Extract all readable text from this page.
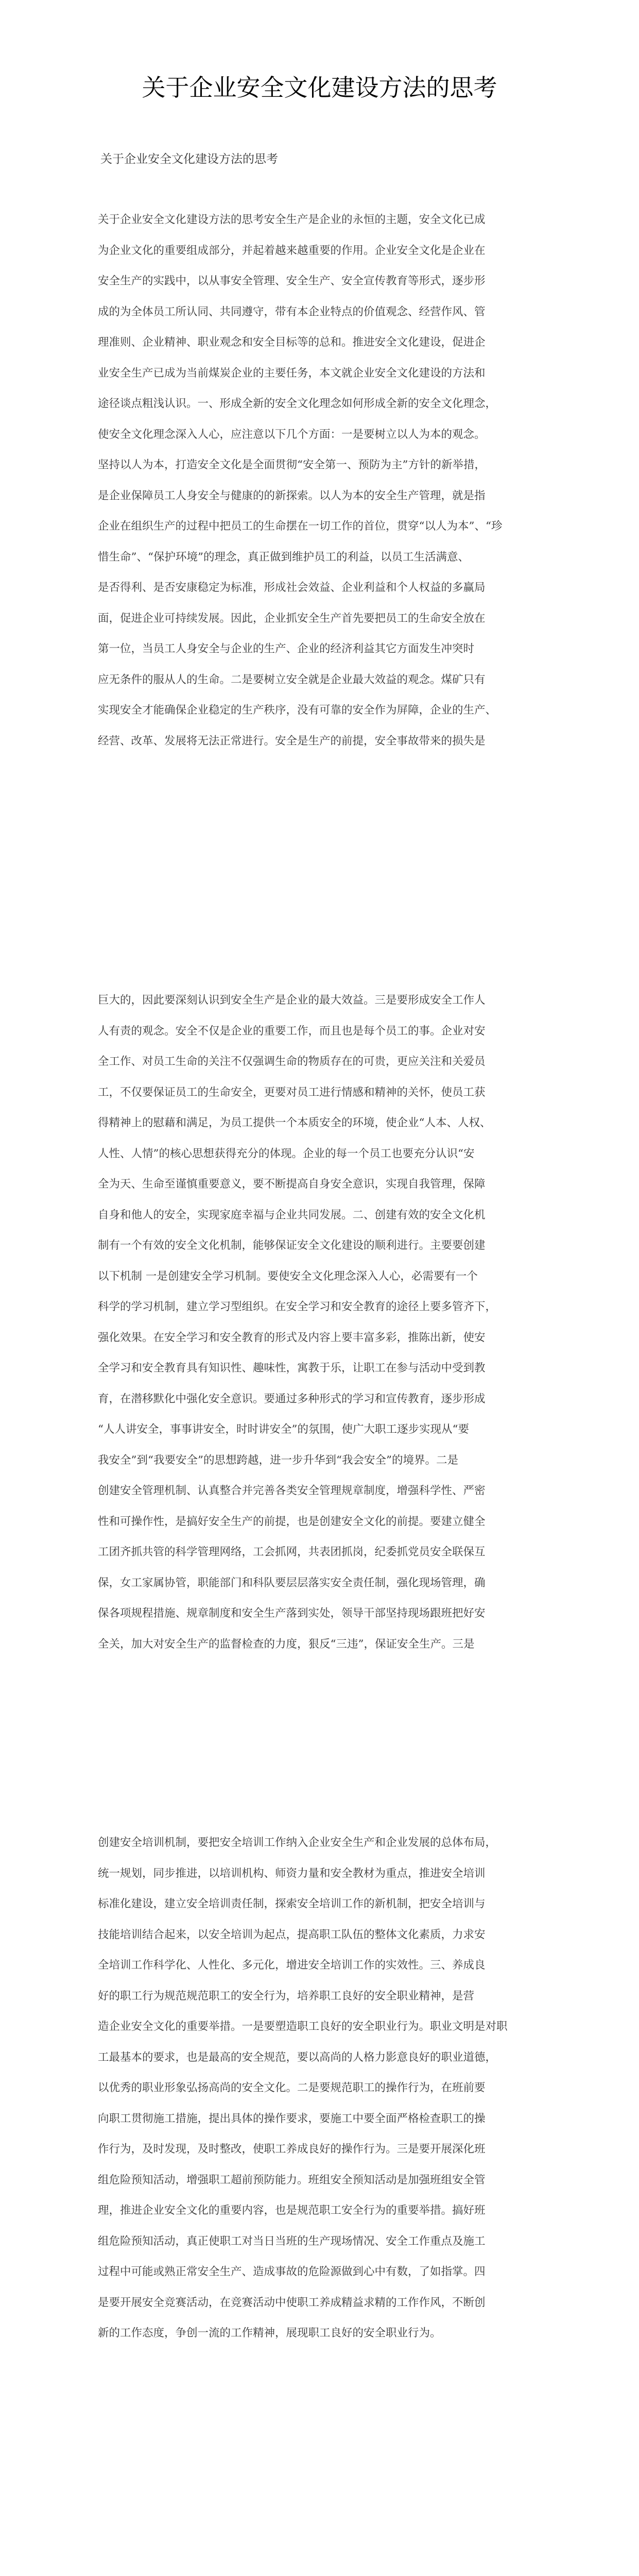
关于企业安全文化建设方法的思考
关于企业安全文化建设方法的思考
关于企业安全文化建设方法的思考安全生产是企业的永恒的主题，安全文化已成
为企业文化的重要组成部分，并起着越来越重要的作用。企业安全文化是企业在
安全生产的实践中，以从事安全管理、安全生产、安全宣传教育等形式，逐步形
成的为全体员工所认同、共同遵守，带有本企业特点的价值观念、经营作风、管
理准则、企业精神、职业观念和安全目标等的总和。推进安全文化建设，促进企
业安全生产已成为当前煤炭企业的主要任务，本文就企业安全文化建设的方法和
途径谈点粗浅认识。一、形成全新的安全文化理念如何形成全新的安全文化理念，
使安全文化理念深入人心，应注意以下几个方面：一是要树立以人为本的观念。
坚持以人为本，打造安全文化是全面贯彻“安全第一、预防为主”方针的新举措，
是企业保障员工人身安全与健康的的新探索。以人为本的安全生产管理，就是指
企业在组织生产的过程中把员工的生命摆在一切工作的首位，贯穿“以人为本”、“珍
惜生命”、“保护环境”的理念，真正做到维护员工的利益，以员工生活满意、
是否得利、是否安康稳定为标准，形成社会效益、企业利益和个人权益的多赢局
面，促进企业可持续发展。因此，企业抓安全生产首先要把员工的生命安全放在
第一位，当员工人身安全与企业的生产、企业的经济利益其它方面发生冲突时
应无条件的服从人的生命。二是要树立安全就是企业最大效益的观念。煤矿只有
实现安全才能确保企业稳定的生产秩序，没有可靠的安全作为屏障，企业的生产、
经营、改革、发展将无法正常进行。安全是生产的前提，安全事故带来的损失是
巨大的，因此要深刻认识到安全生产是企业的最大效益。三是要形成安全工作人
人有责的观念。安全不仅是企业的重要工作，而且也是每个员工的事。企业对安
全工作、对员工生命的关注不仅强调生命的物质存在的可贵，更应关注和关爱员
工，不仅要保证员工的生命安全，更要对员工进行情感和精神的关怀，使员工获
得精神上的慰藉和满足，为员工提供一个本质安全的环境，使企业“人本、人权、
人性、人情”的核心思想获得充分的体现。企业的每一个员工也要充分认识“安
全为天、生命至谨慎重要意义，要不断提高自身安全意识，实现自我管理，保障
自身和他人的安全，实现家庭幸福与企业共同发展。二、创建有效的安全文化机
制有一个有效的安全文化机制，能够保证安全文化建设的顺利进行。主要要创建
以下机制 一是创建安全学习机制。要使安全文化理念深入人心，必需要有一个
科学的学习机制，建立学习型组织。在安全学习和安全教育的途径上要多管齐下，
强化效果。在安全学习和安全教育的形式及内容上要丰富多彩，推陈出新，使安
全学习和安全教育具有知识性、趣味性，寓教于乐，让职工在参与活动中受到教
育，在潜移默化中强化安全意识。要通过多种形式的学习和宣传教育，逐步形成
“人人讲安全，事事讲安全，时时讲安全”的氛围，使广大职工逐步实现从“要
我安全”到“我要安全”的思想跨越，进一步升华到“我会安全”的境界。二是
创建安全管理机制、认真整合并完善各类安全管理规章制度，增强科学性、严密
性和可操作性，是搞好安全生产的前提，也是创建安全文化的前提。要建立健全
工团齐抓共管的科学管理网络，工会抓网，共表团抓岗，纪委抓党员安全联保互
保，女工家属协管，职能部门和科队要层层落实安全责任制，强化现场管理，确
保各项规程措施、规章制度和安全生产落到实处，领导干部坚持现场跟班把好安
全关，加大对安全生产的监督检查的力度，狠反“三违”，保证安全生产。三是
创建安全培训机制，要把安全培训工作纳入企业安全生产和企业发展的总体布局，
统一规划，同步推进，以培训机构、师资力量和安全教材为重点，推进安全培训
标准化建设，建立安全培训责任制，探索安全培训工作的新机制，把安全培训与
技能培训结合起来，以安全培训为起点，提高职工队伍的整体文化素质，力求安
全培训工作科学化、人性化、多元化，增进安全培训工作的实效性。三、养成良
好的职工行为规范规范职工的安全行为，培养职工良好的安全职业精神，是营
造企业安全文化的重要举措。一是要塑造职工良好的安全职业行为。职业文明是对职
工最基本的要求，也是最高的安全规范，要以高尚的人格力影意良好的职业道德，
以优秀的职业形象弘扬高尚的安全文化。二是要规范职工的操作行为，在班前要
向职工贯彻施工措施，提出具体的操作要求，要施工中要全面严格检查职工的操
作行为，及时发现，及时整改，使职工养成良好的操作行为。三是要开展深化班
组危险预知活动，增强职工超前预防能力。班组安全预知活动是加强班组安全管
理，推进企业安全文化的重要内容，也是规范职工安全行为的重要举措。搞好班
组危险预知活动，真正使职工对当日当班的生产现场情况、安全工作重点及施工
过程中可能或熟正常安全生产、造成事故的危险源做到心中有数，了如指掌。四
是要开展安全竞赛活动，在竞赛活动中使职工养成精益求精的工作作风，不断创
新的工作态度，争创一流的工作精神，展现职工良好的安全职业行为。
